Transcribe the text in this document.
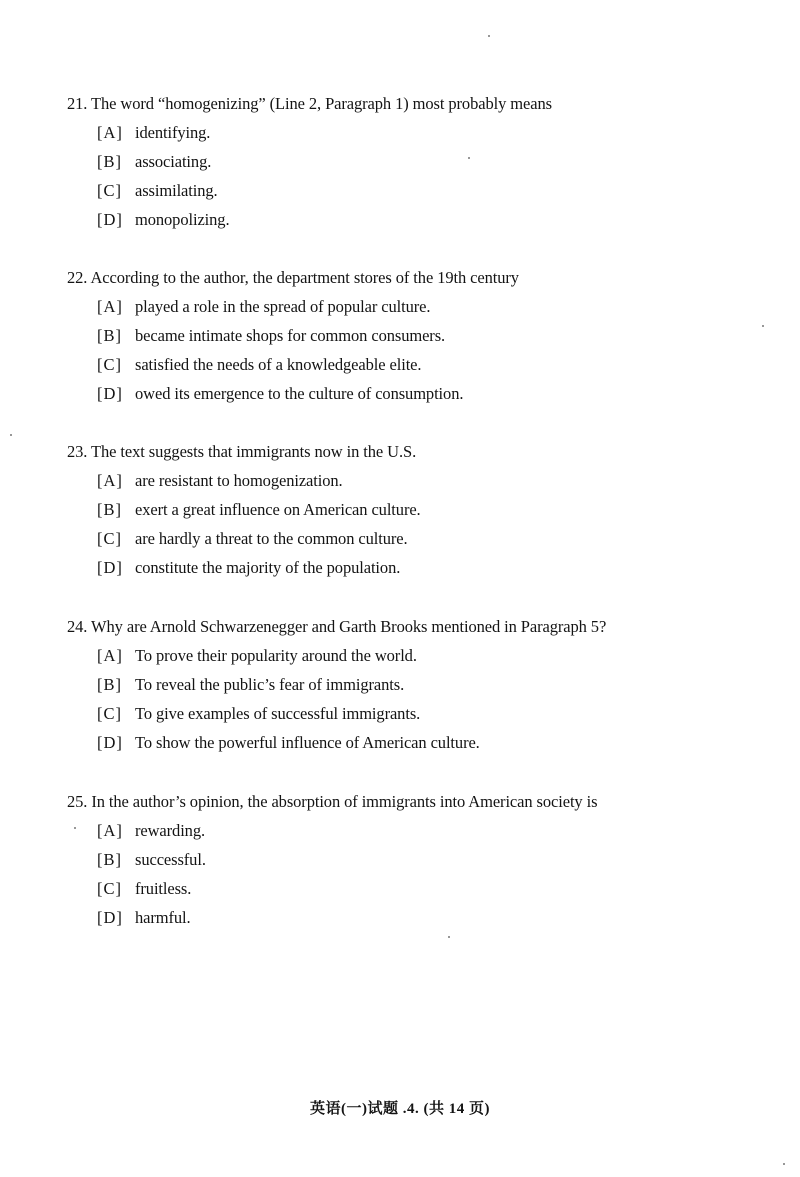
21. The word “homogenizing” (Line 2, Paragraph 1) most probably means
[A] identifying.
[B] associating.
[C] assimilating.
[D] monopolizing.
22. According to the author, the department stores of the 19th century
[A] played a role in the spread of popular culture.
[B] became intimate shops for common consumers.
[C] satisfied the needs of a knowledgeable elite.
[D] owed its emergence to the culture of consumption.
23. The text suggests that immigrants now in the U.S.
[A] are resistant to homogenization.
[B] exert a great influence on American culture.
[C] are hardly a threat to the common culture.
[D] constitute the majority of the population.
24. Why are Arnold Schwarzenegger and Garth Brooks mentioned in Paragraph 5?
[A] To prove their popularity around the world.
[B] To reveal the public’s fear of immigrants.
[C] To give examples of successful immigrants.
[D] To show the powerful influence of American culture.
25. In the author’s opinion, the absorption of immigrants into American society is
[A] rewarding.
[B] successful.
[C] fruitless.
[D] harmful.
英语(一)试题 .4. (共 14 页)
